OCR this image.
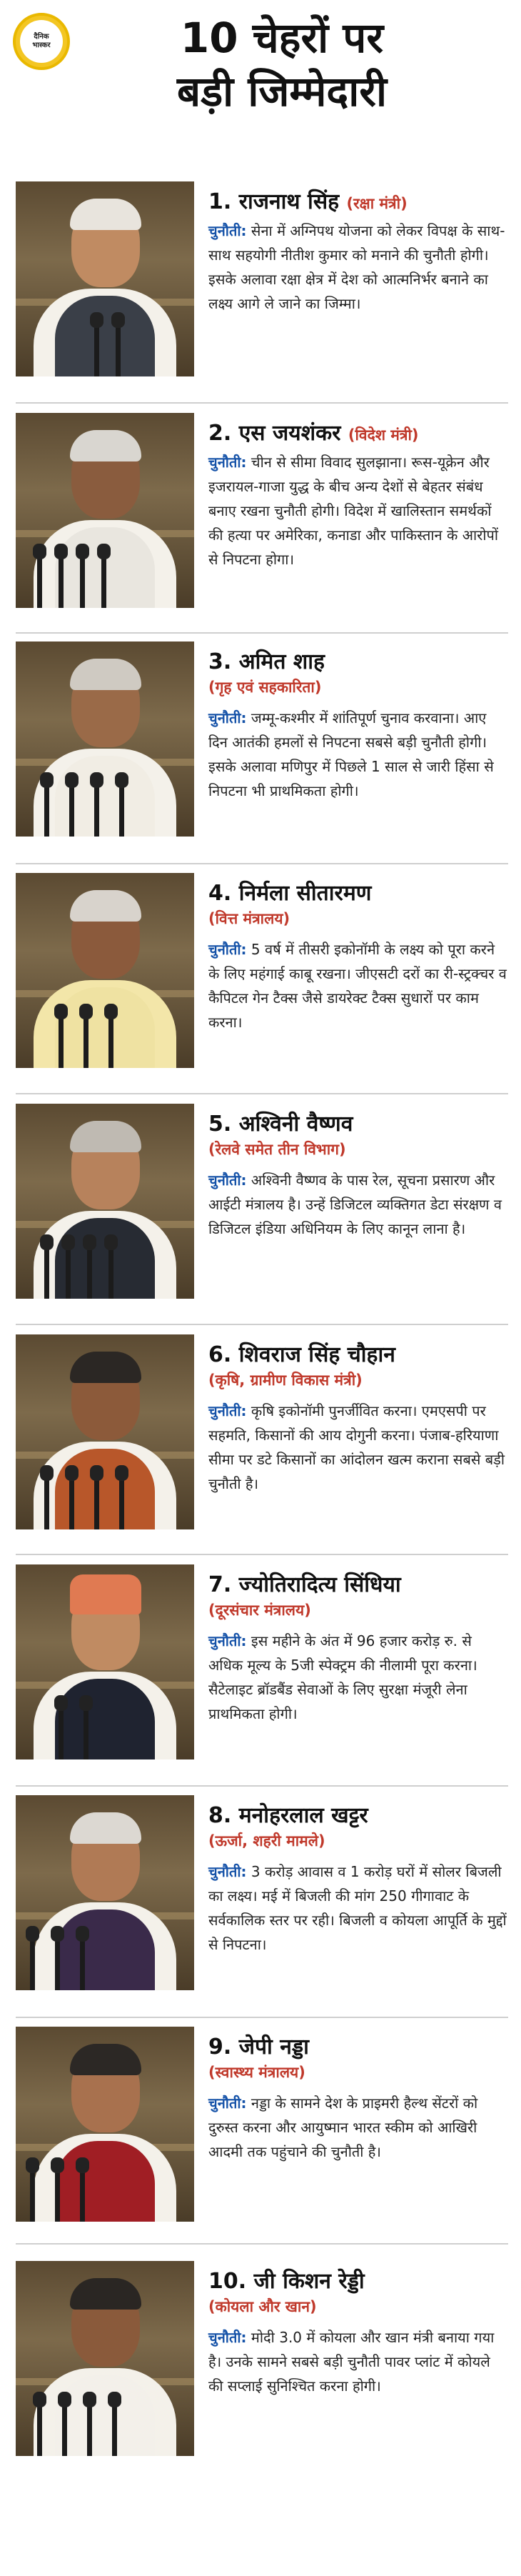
दैनिक
भास्कर	10 चेहरों पर
बड़ी जिम्मेदारी
1. राजनाथ सिंह (रक्षा मंत्री)
चुनौती: सेना में अग्निपथ योजना को लेकर विपक्ष के साथ-साथ सहयोगी नीतीश कुमार को मनाने की चुनौती होगी। इसके अलावा रक्षा क्षेत्र में देश को आत्मनिर्भर बनाने का लक्ष्य आगे ले जाने का जिम्मा।
2. एस जयशंकर (विदेश मंत्री)
चुनौती: चीन से सीमा विवाद सुलझाना। रूस-यूक्रेन और इजरायल-गाजा युद्ध के बीच अन्य देशों से बेहतर संबंध बनाए रखना चुनौती होगी। विदेश में खालिस्तान समर्थकों की हत्या पर अमेरिका, कनाडा और पाकिस्तान के आरोपों से निपटना होगा।
3. अमित शाह
(गृह एवं सहकारिता)
चुनौती: जम्मू-कश्मीर में शांतिपूर्ण चुनाव करवाना। आए दिन आतंकी हमलों से निपटना सबसे बड़ी चुनौती होगी। इसके अलावा मणिपुर में पिछले 1 साल से जारी हिंसा से निपटना भी प्राथमिकता होगी।
4. निर्मला सीतारमण
(वित्त मंत्रालय)
चुनौती: 5 वर्ष में तीसरी इकोनॉमी के लक्ष्य को पूरा करने के लिए महंगाई काबू रखना। जीएसटी दरों का री-स्ट्रक्चर व कैपिटल गेन टैक्स जैसे डायरेक्ट टैक्स सुधारों पर काम करना।
5. अश्विनी वैष्णव
(रेलवे समेत तीन विभाग)
चुनौती: अश्विनी वैष्णव के पास रेल, सूचना प्रसारण और आईटी मंत्रालय है। उन्हें डिजिटल व्यक्तिगत डेटा संरक्षण व डिजिटल इंडिया अधिनियम के लिए कानून लाना है।
6. शिवराज सिंह चौहान
(कृषि, ग्रामीण विकास मंत्री)
चुनौती: कृषि इकोनॉमी पुनर्जीवित करना। एमएसपी पर सहमति, किसानों की आय दोगुनी करना। पंजाब-हरियाणा सीमा पर डटे किसानों का आंदोलन खत्म कराना सबसे बड़ी चुनौती है।
7. ज्योतिरादित्य सिंधिया
(दूरसंचार मंत्रालय)
चुनौती: इस महीने के अंत में 96 हजार करोड़ रु. से अधिक मूल्य के 5जी स्पेक्ट्रम की नीलामी पूरा करना। सैटेलाइट ब्रॉडबैंड सेवाओं के लिए सुरक्षा मंजूरी लेना प्राथमिकता होगी।
8. मनोहरलाल खट्टर
(ऊर्जा, शहरी मामले)
चुनौती: 3 करोड़ आवास व 1 करोड़ घरों में सोलर बिजली का लक्ष्य। मई में बिजली की मांग 250 गीगावाट के सर्वकालिक स्तर पर रही। बिजली व कोयला आपूर्ति के मुद्दों से निपटना।
9. जेपी नड्डा
(स्वास्थ्य मंत्रालय)
चुनौती: नड्डा के सामने देश के प्राइमरी हैल्थ सेंटरों को दुरुस्त करना और आयुष्मान भारत स्कीम को आखिरी आदमी तक पहुंचाने की चुनौती है।
10. जी किशन रेड्डी
(कोयला और खान)
चुनौती: मोदी 3.0 में कोयला और खान मंत्री बनाया गया है। उनके सामने सबसे बड़ी चुनौती पावर प्लांट में कोयले की सप्लाई सुनिश्चित करना होगी।
